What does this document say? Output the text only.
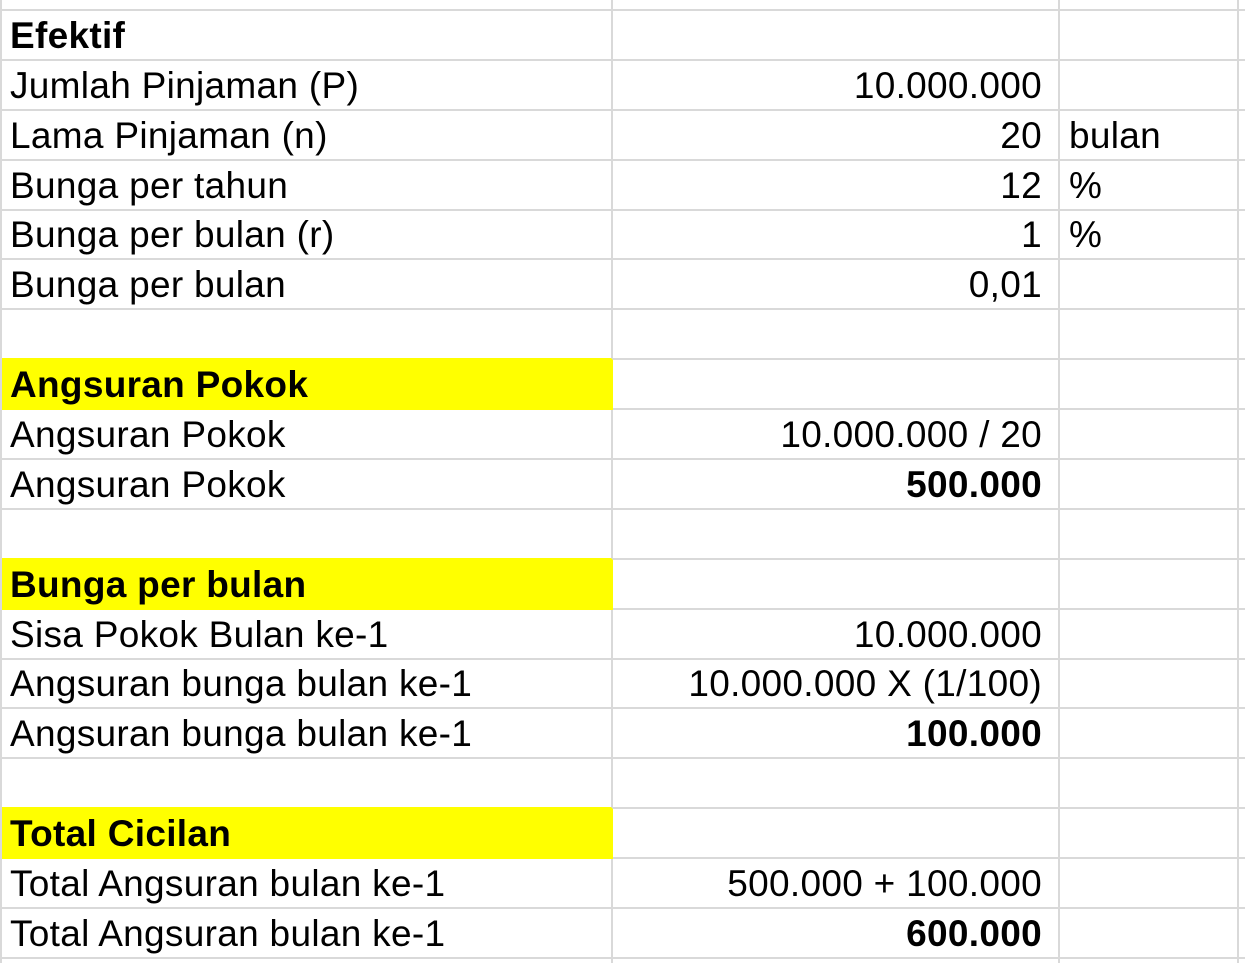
Efektif
Jumlah Pinjaman (P)	10.000.000
Lama Pinjaman (n)	20 bulan
Bunga per tahun	12 %
Bunga per bulan (r)	1 %
Bunga per bulan	0,01
Angsuran Pokok
Angsuran Pokok	10.000.000 / 20
Angsuran Pokok	500.000
Bunga per bulan
Sisa Pokok Bulan ke-1	10.000.000
Angsuran bunga bulan ke-1	10.000.000 X (1/100)
Angsuran bunga bulan ke-1	100.000
Total Cicilan
Total Angsuran bulan ke-1	500.000 + 100.000
Total Angsuran bulan ke-1	600.000
